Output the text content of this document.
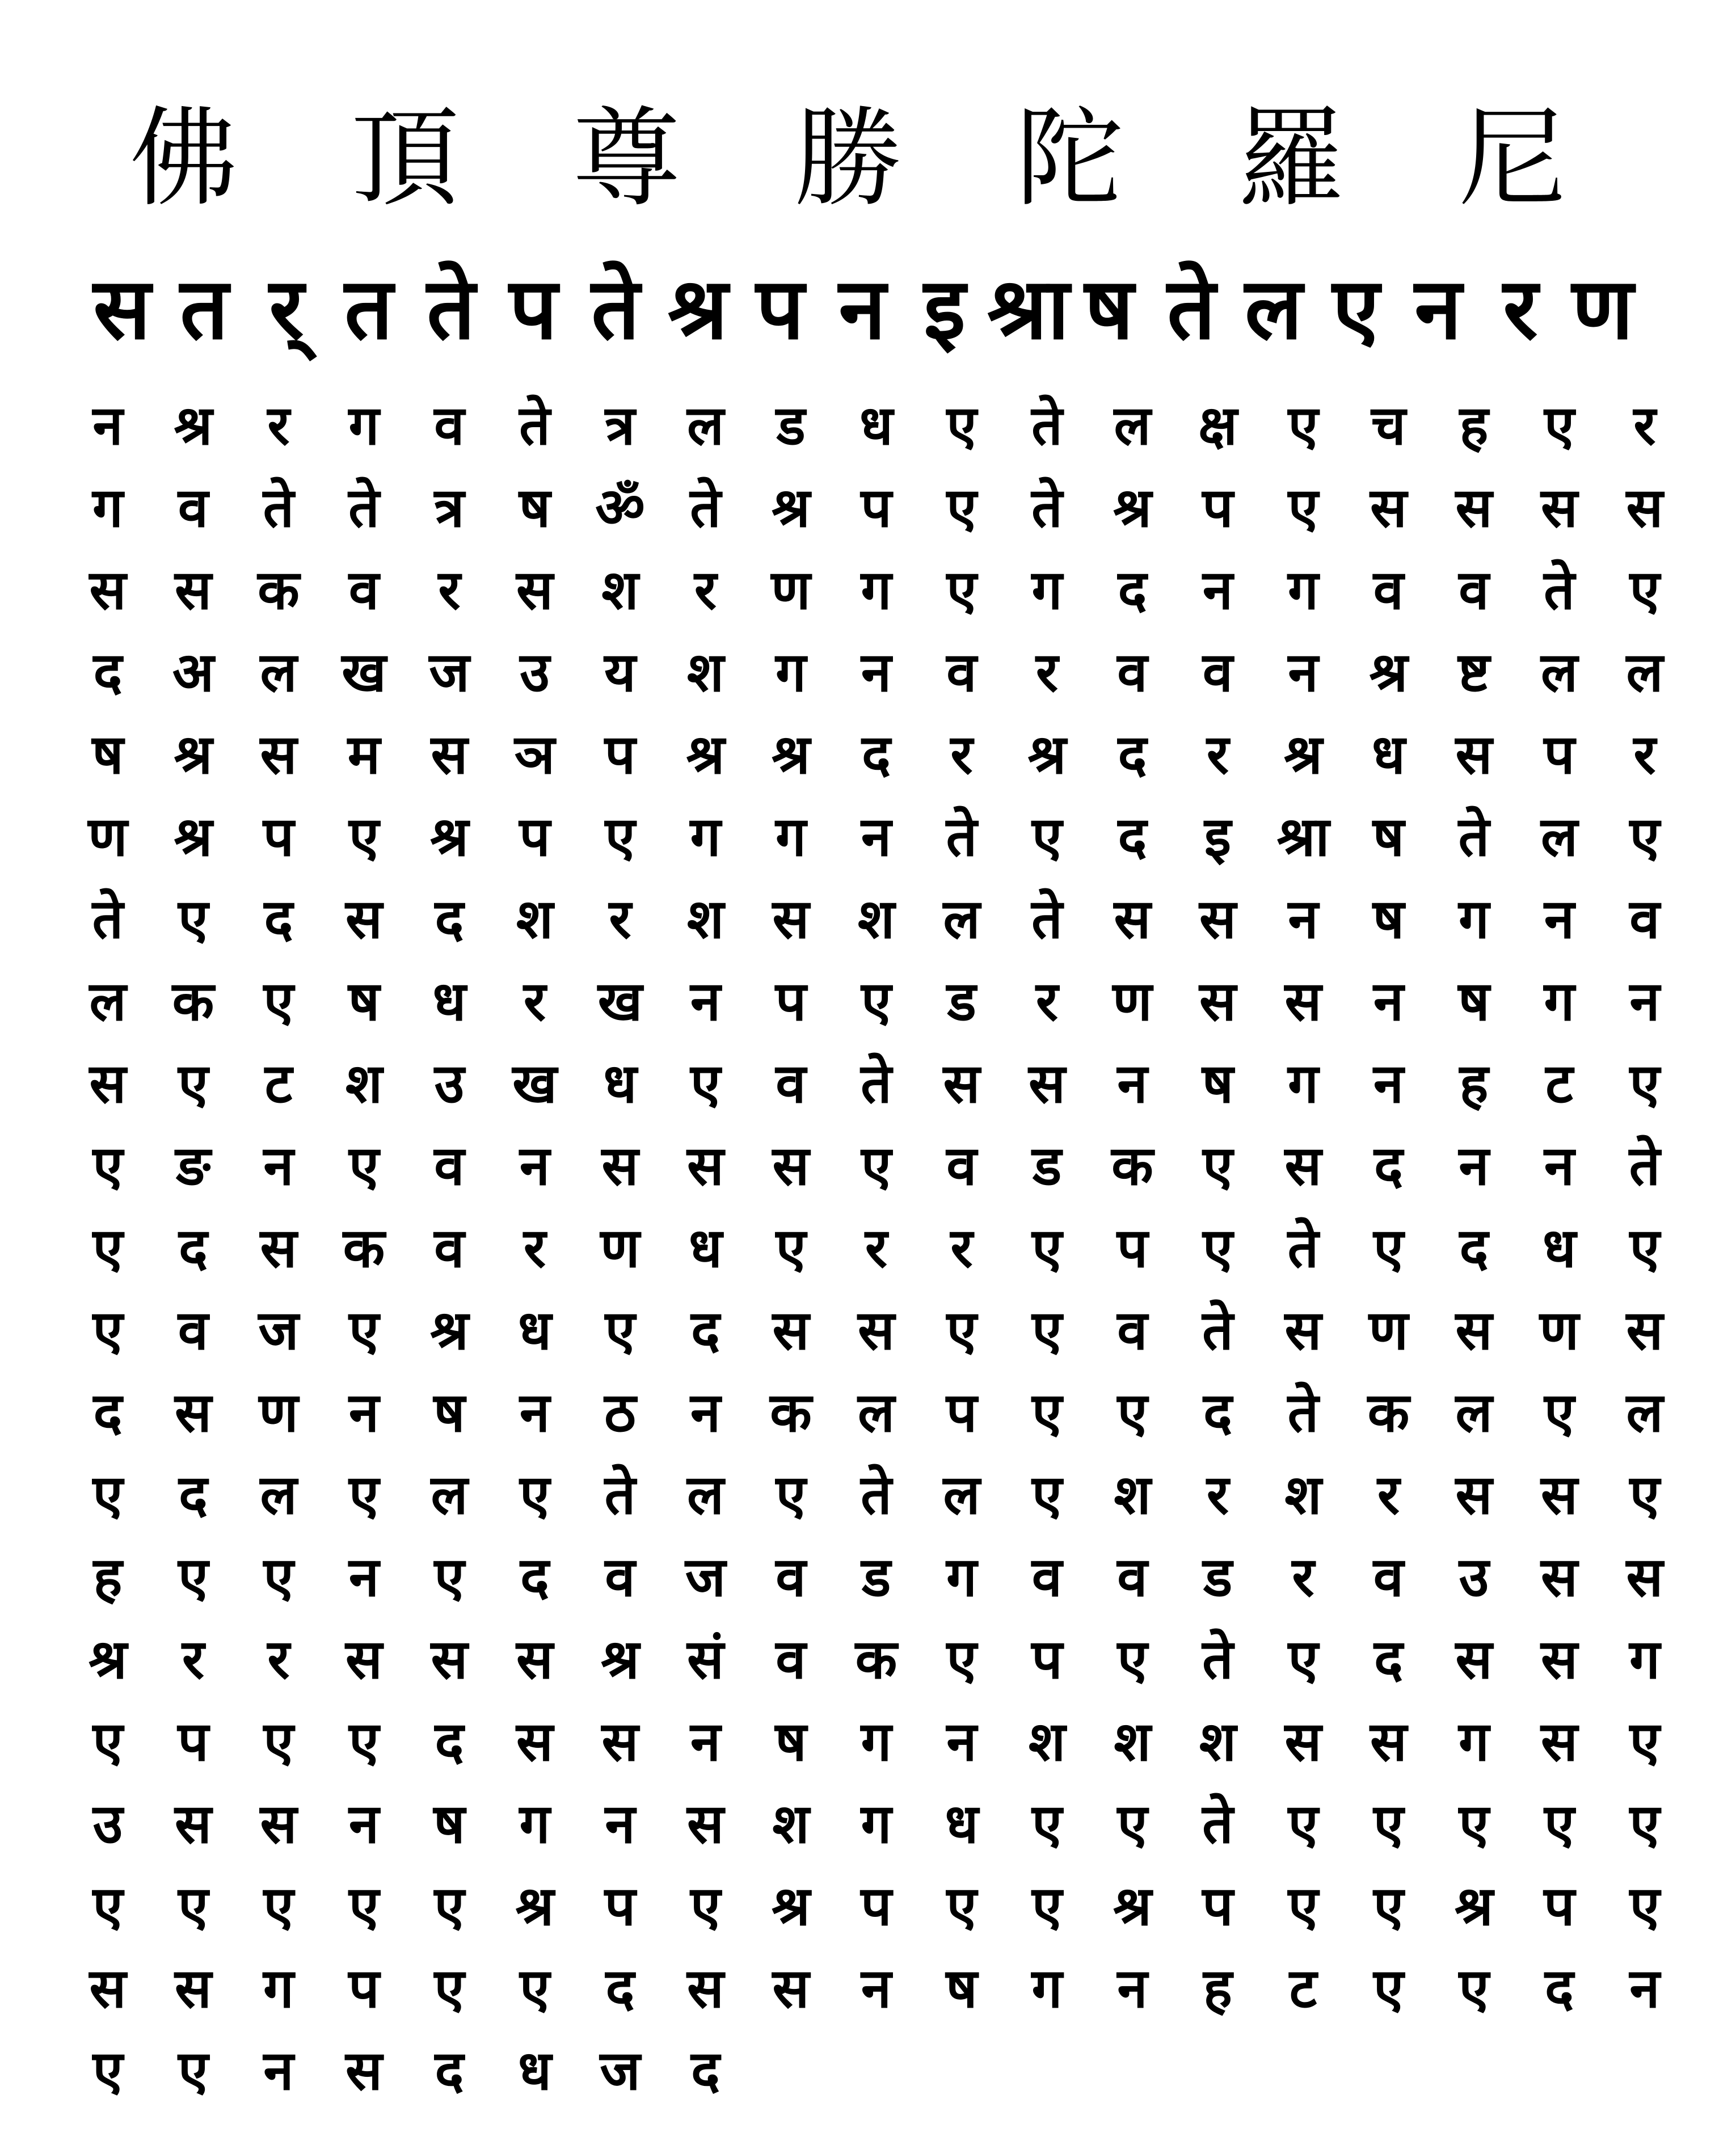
佛 頂 尊 勝 陀 羅 尼
स त र् त ते प ते श्र प न इ श्रा ष ते ल ए न र ण
न श्र	र	ग	व	ते	त्र ल ड ध ए	ते ल क्ष ए च ह	ए	र
ग	व	ते ते	त्र	ष ॐ ते श्र प	ए	ते श्र प	ए स स स स
स स क व	र	स श	र	ण ग	ए	ग	द	न	ग	व	व	ते	ए
द अ ल ख ज उ	य श ग	न	व	र	व	व	न श्र ष्ट ल ल
ष श्र स म स ञ प श्र श्र द	र	श्र द	र	श्र ध स प	र
ण श्र प	ए श्र प	ए	ग	ग	न	ते	ए	द	इ श्रा ष ते ल ए
ते	ए	द स द श	र	श स श ल ते स स न	ष ग	न	व
ल क ए	ष ध	र ख न	प	ए	ड	र	ण स स न	ष ग	न
स ए	ट श उ ख ध ए	व	ते स स न	ष ग	न	ह	ट	ए
ए ङ न	ए	व	न स स स ए	व	ड क ए स द	न	न	ते
ए	द स क व	र	ण ध ए	र	र	ए	प	ए	ते	ए	द ध ए
ए	व ज ए श्र ध ए	द स स ए	ए	व	ते स ण स ण स
द स ण न	ष	न ठ न क ल प	ए	ए	द	ते क ल ए ल
ए	द ल ए ल ए	ते ल ए	ते ल ए श	र	श	र	स स ए
ह	ए	ए	न	ए	द	व ज व	ड	ग	व	व	ड	र	व	उ स स
श्र	र	र	स स स श्र सं व क ए	प	ए	ते	ए	द स स ग
ए	प	ए	ए	द स स न	ष ग	न श श श स स ग स ए
उ स स न	ष ग	न स श ग ध ए	ए	ते	ए	ए	ए	ए	ए
ए	ए	ए	ए	ए श्र प	ए श्र प	ए	ए श्र प	ए	ए श्र प	ए
स स ग	प	ए	ए	द स स न	ष ग	न	ह	ट	ए	ए	द	न
ए	ए	न स द ध ज द
